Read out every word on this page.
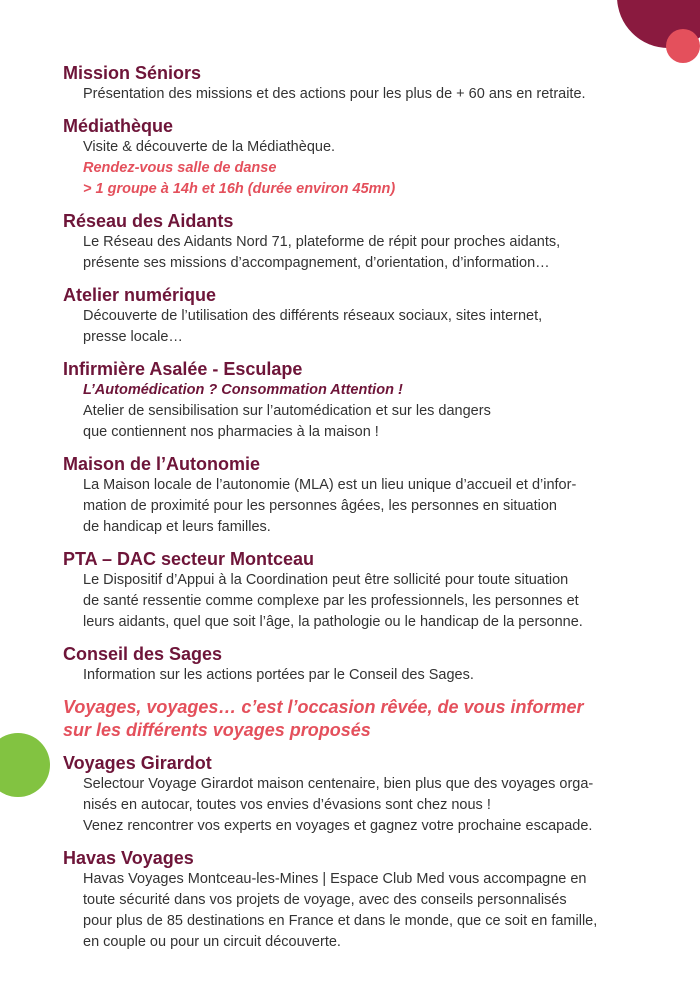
Mission Séniors

Présentation des missions et des actions pour les plus de + 60 ans en retraite.

Médiathèque

Visite & découverte de la Médiathèque.

Rendez-vous salle de danse

> 1 groupe à 14h et 16h (durée environ 45mn)

Réseau des Aidants

Le Réseau des Aidants Nord 71, plateforme de répit pour proches aidants,

présente ses missions d’accompagnement, d’orientation, d’information…

Atelier numérique

Découverte de l’utilisation des différents réseaux sociaux, sites internet,

presse locale…

Infirmière Asalée - Esculape

L’Automédication ? Consommation Attention !

Atelier de sensibilisation sur l’automédication et sur les dangers

que contiennent nos pharmacies à la maison !

Maison de l’Autonomie

La Maison locale de l’autonomie (MLA) est un lieu unique d’accueil et d’infor-

mation de proximité pour les personnes âgées, les personnes en situation

de handicap et leurs familles.

PTA – DAC secteur Montceau

Le Dispositif d’Appui à la Coordination peut être sollicité pour toute situation

de santé ressentie comme complexe par les professionnels, les personnes et

leurs aidants, quel que soit l’âge, la pathologie ou le handicap de la personne.

Conseil des Sages

Information sur les actions portées par le Conseil des Sages.

Voyages, voyages… c’est l’occasion rêvée, de vous informer
sur les différents voyages proposés
Voyages Girardot

Selectour Voyage Girardot maison centenaire, bien plus que des voyages orga-

nisés en autocar, toutes vos envies d’évasions sont chez nous !

Venez rencontrer vos experts en voyages et gagnez votre prochaine escapade.

Havas Voyages

Havas Voyages Montceau-les-Mines | Espace Club Med vous accompagne en

toute sécurité dans vos projets de voyage, avec des conseils personnalisés

pour plus de 85 destinations en France et dans le monde, que ce soit en famille,

en couple ou pour un circuit découverte.
